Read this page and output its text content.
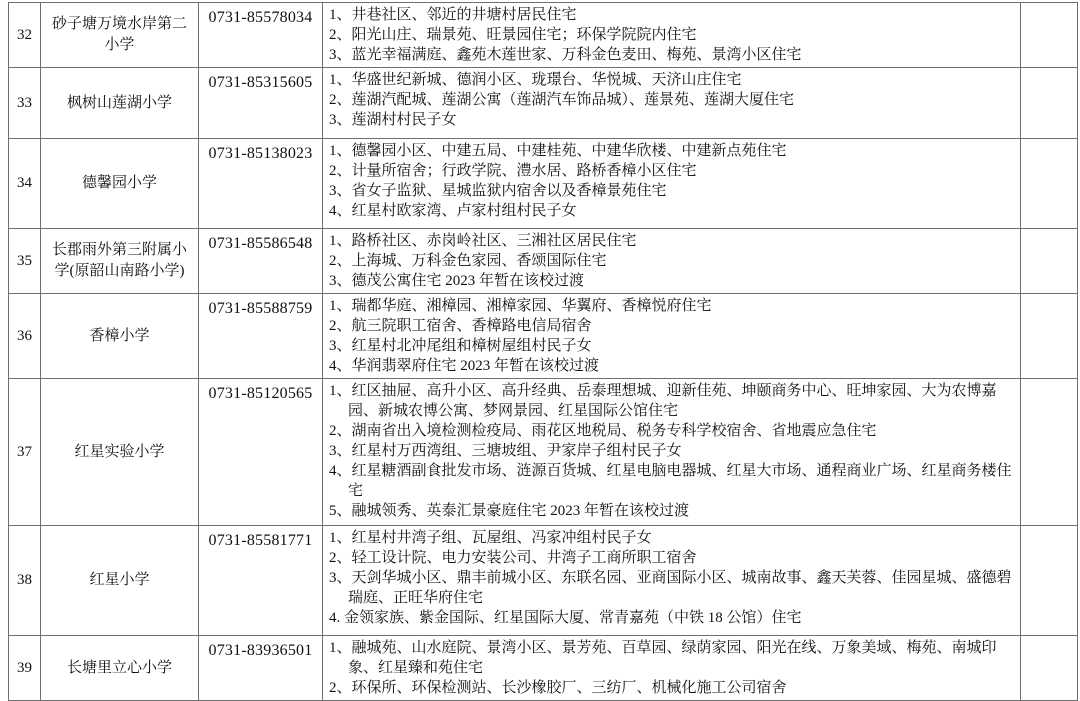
32	砂子塘万境水岸第二小学	0731-85578034	1、井巷社区、邻近的井塘村居民住宅
2、阳光山庄、瑞景苑、旺景园住宅；环保学院院内住宅
3、蓝光幸福满庭、鑫苑木莲世家、万科金色麦田、梅苑、景湾小区住宅	

33	枫树山莲湖小学	0731-85315605	1、华盛世纪新城、德润小区、珑璟台、华悦城、天济山庄住宅
2、莲湖汽配城、莲湖公寓（莲湖汽车饰品城）、莲景苑、莲湖大厦住宅
3、莲湖村村民子女	

34	德馨园小学	0731-85138023	1、德馨园小区、中建五局、中建桂苑、中建华欣楼、中建新点苑住宅
2、计量所宿舍；行政学院、澧水居、路桥香樟小区住宅
3、省女子监狱、星城监狱内宿舍以及香樟景苑住宅
4、红星村欧家湾、卢家村组村民子女	

35	长郡雨外第三附属小学(原韶山南路小学)	0731-85586548	1、路桥社区、赤岗岭社区、三湘社区居民住宅
2、上海城、万科金色家园、香颂国际住宅
3、德茂公寓住宅 2023 年暂在该校过渡	

36	香樟小学	0731-85588759	1、瑞都华庭、湘樟园、湘樟家园、华翼府、香樟悦府住宅
2、航三院职工宿舍、香樟路电信局宿舍
3、红星村北冲尾组和樟树屋组村民子女
4、华润翡翠府住宅 2023 年暂在该校过渡	

37	红星实验小学	0731-85120565	1、红区抽屉、高升小区、高升经典、岳泰理想城、迎新佳苑、坤颐商务中心、旺坤家园、大为农博嘉园、新城农博公寓、梦网景园、红星国际公馆住宅
2、湖南省出入境检测检疫局、雨花区地税局、税务专科学校宿舍、省地震应急住宅
3、红星村万西湾组、三塘坡组、尹家岸子组村民子女
4、红星糖酒副食批发市场、涟源百货城、红星电脑电器城、红星大市场、通程商业广场、红星商务楼住宅
5、融城领秀、英泰汇景豪庭住宅 2023 年暂在该校过渡	

38	红星小学	0731-85581771	1、红星村井湾子组、瓦屋组、冯家冲组村民子女
2、轻工设计院、电力安装公司、井湾子工商所职工宿舍
3、天剑华城小区、鼎丰前城小区、东联名园、亚商国际小区、城南故事、鑫天芙蓉、佳园星城、盛德碧瑞庭、正旺华府住宅
4. 金领家族、紫金国际、红星国际大厦、常青嘉苑（中铁 18 公馆）住宅	

39	长塘里立心小学	0731-83936501	1、融城苑、山水庭院、景湾小区、景芳苑、百草园、绿荫家园、阳光在线、万象美域、梅苑、南城印象、红星臻和苑住宅
2、环保所、环保检测站、长沙橡胶厂、三纺厂、机械化施工公司宿舍	
